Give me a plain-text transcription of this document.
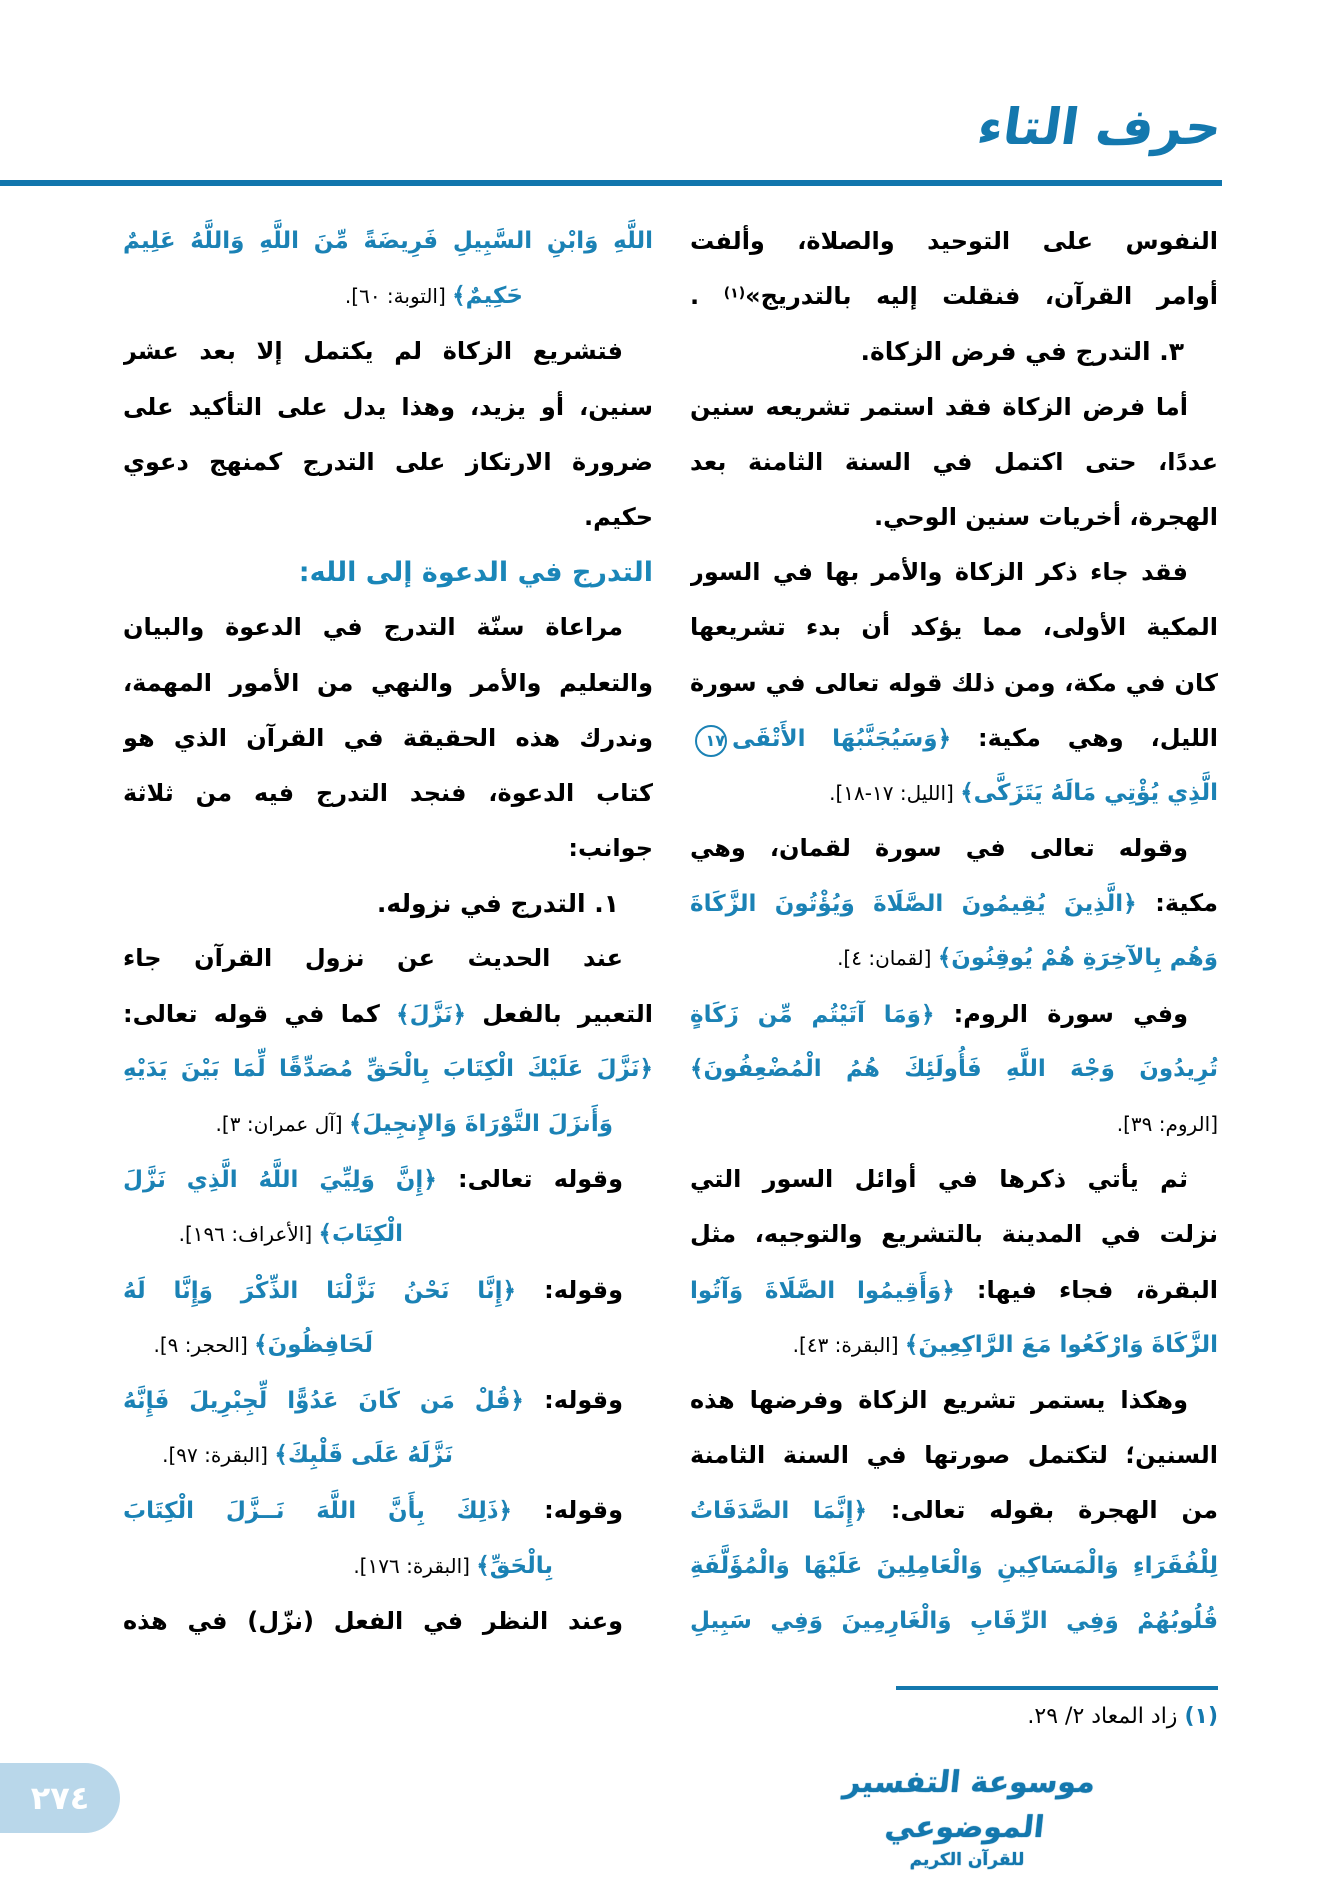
حرف التاء
النفوس على التوحيد والصلاة، وألفت
أوامر القرآن، فنقلت إليه بالتدريج»(١) .
٣. التدرج في فرض الزكاة.
أما فرض الزكاة فقد استمر تشريعه سنين
عددًا، حتى اكتمل في السنة الثامنة بعد
الهجرة، أخريات سنين الوحي.
فقد جاء ذكر الزكاة والأمر بها في السور
المكية الأولى، مما يؤكد أن بدء تشريعها
كان في مكة، ومن ذلك قوله تعالى في سورة
الليل، وهي مكية: ﴿وَسَيُجَنَّبُهَا الأَتْقَى١٧
الَّذِي يُؤْتِي مَالَهُ يَتَزَكَّى﴾ [الليل: ١٧-١٨].
وقوله تعالى في سورة لقمان، وهي
مكية: ﴿الَّذِينَ يُقِيمُونَ الصَّلَاةَ وَيُؤْتُونَ الزَّكَاةَ
وَهُم بِالآخِرَةِ هُمْ يُوقِنُونَ﴾ [لقمان: ٤].
وفي سورة الروم: ﴿وَمَا آتَيْتُم مِّن زَكَاةٍ
تُرِيدُونَ وَجْهَ اللَّهِ فَأُولَئِكَ هُمُ الْمُضْعِفُونَ﴾
[الروم: ٣٩].
ثم يأتي ذكرها في أوائل السور التي
نزلت في المدينة بالتشريع والتوجيه، مثل
البقرة، فجاء فيها: ﴿وَأَقِيمُوا الصَّلَاةَ وَآتُوا
الزَّكَاةَ وَارْكَعُوا مَعَ الرَّاكِعِينَ﴾ [البقرة: ٤٣].
وهكذا يستمر تشريع الزكاة وفرضها هذه
السنين؛ لتكتمل صورتها في السنة الثامنة
من الهجرة بقوله تعالى: ﴿إِنَّمَا الصَّدَقَاتُ
لِلْفُقَرَاءِ وَالْمَسَاكِينِ وَالْعَامِلِينَ عَلَيْهَا وَالْمُؤَلَّفَةِ
قُلُوبُهُمْ وَفِي الرِّقَابِ وَالْغَارِمِينَ وَفِي سَبِيلِ
اللَّهِ وَابْنِ السَّبِيلِ فَرِيضَةً مِّنَ اللَّهِ وَاللَّهُ عَلِيمٌ
حَكِيمٌ﴾ [التوبة: ٦٠].
فتشريع الزكاة لم يكتمل إلا بعد عشر
سنين، أو يزيد، وهذا يدل على التأكيد على
ضرورة الارتكاز على التدرج كمنهج دعوي
حكيم.
التدرج في الدعوة إلى الله:
مراعاة سنّة التدرج في الدعوة والبيان
والتعليم والأمر والنهي من الأمور المهمة،
وندرك هذه الحقيقة في القرآن الذي هو
كتاب الدعوة، فنجد التدرج فيه من ثلاثة
جوانب:
١. التدرج في نزوله.
عند الحديث عن نزول القرآن جاء
التعبير بالفعل ﴿نَزَّلَ﴾ كما في قوله تعالى:
﴿نَزَّلَ عَلَيْكَ الْكِتَابَ بِالْحَقِّ مُصَدِّقًا لِّمَا بَيْنَ يَدَيْهِ
وَأَنزَلَ التَّوْرَاةَ وَالإِنجِيلَ﴾ [آل عمران: ٣].
وقوله تعالى: ﴿إِنَّ وَلِيِّيَ اللَّهُ الَّذِي نَزَّلَ
الْكِتَابَ﴾ [الأعراف: ١٩٦].
وقوله: ﴿إِنَّا نَحْنُ نَزَّلْنَا الذِّكْرَ وَإِنَّا لَهُ
لَحَافِظُونَ﴾ [الحجر: ٩].
وقوله: ﴿قُلْ مَن كَانَ عَدُوًّا لِّجِبْرِيلَ فَإِنَّهُ
نَزَّلَهُ عَلَى قَلْبِكَ﴾ [البقرة: ٩٧].
وقوله: ﴿ذَلِكَ بِأَنَّ اللَّهَ نَــزَّلَ الْكِتَابَ
بِالْحَقِّ﴾ [البقرة: ١٧٦].
وعند النظر في الفعل (نزّل) في هذه
(١) زاد المعاد ٢/ ٢٩.
موسوعة التفسير الموضوعي
للقرآن الكريم
٢٧٤
